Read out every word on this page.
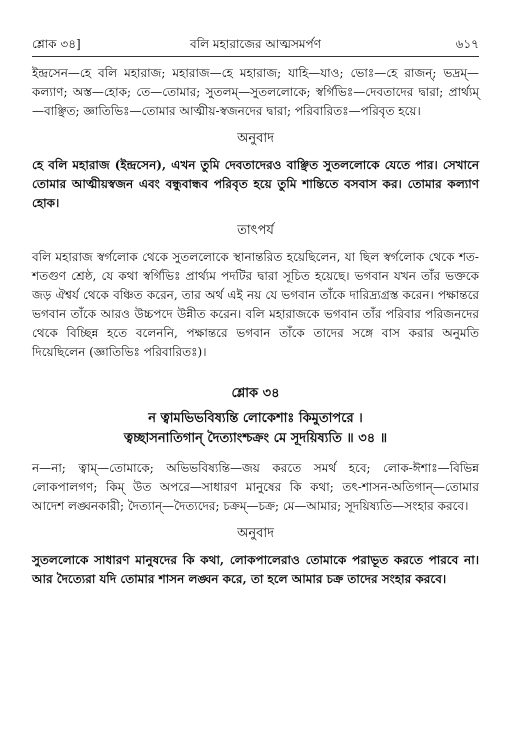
শ্লোক ৩৪]	বলি মহারাজের আত্মসমর্পণ	৬১৭

ইন্দ্রসেন—হে বলি মহারাজ; মহারাজ—হে মহারাজ; যাহি—যাও; ভোঃ—হে রাজন্; ভদ্রম্—কল্যাণ; অস্ত—হোক; তে—তোমার; সুতলম্—সুতললোকে; স্বর্গিভিঃ—দেবতাদের দ্বারা; প্রার্থ্যম্—বাঞ্ছিত; জ্ঞাতিভিঃ—তোমার আত্মীয়-স্বজনদের দ্বারা; পরিবারিতঃ—পরিবৃত হয়ে।

অনুবাদ

হে বলি মহারাজ (ইন্দ্রসেন), এখন তুমি দেবতাদেরও বাঞ্ছিত সুতললোকে যেতে পার। সেখানে তোমার আত্মীয়স্বজন এবং বন্ধুবান্ধব পরিবৃত হয়ে তুমি শান্তিতে বসবাস কর। তোমার কল্যাণ হোক।

তাৎপর্য

বলি মহারাজ স্বর্গলোক থেকে সুতললোকে স্থানান্তরিত হয়েছিলেন, যা ছিল স্বর্গলোক থেকে শত-শতগুণ শ্রেষ্ঠ, যে কথা স্বর্গিভিঃ প্রার্থ্যম পদটির দ্বারা সূচিত হয়েছে। ভগবান যখন তাঁর ভক্তকে জড় ঐশ্বর্য থেকে বঞ্চিত করেন, তার অর্থ এই নয় যে ভগবান তাঁকে দারিদ্র্যগ্রস্ত করেন। পক্ষান্তরে ভগবান তাঁকে আরও উচ্চপদে উন্নীত করেন। বলি মহারাজকে ভগবান তাঁর পরিবার পরিজনদের থেকে বিচ্ছিন্ন হতে বলেননি, পক্ষান্তরে ভগবান তাঁকে তাদের সঙ্গে বাস করার অনুমতি দিয়েছিলেন (জ্ঞাতিভিঃ পরিবারিতঃ)।

শ্লোক ৩৪
ন ত্বামভিভবিষ্যন্তি লোকেশাঃ কিমুতাপরে ।
ত্বচ্ছাসনাতিগান্ দৈত্যাংশ্চক্রং মে সূদয়িষ্যতি ॥ ৩৪ ॥

ন—না; ত্বাম্—তোমাকে; অভিভবিষ্যন্তি—জয় করতে সমর্থ হবে; লোক-ঈশাঃ—বিভিন্ন লোকপালগণ; কিম্ উত অপরে—সাধারণ মানুষের কি কথা; ত‍ৎ-শাসন-অতিগান্—তোমার আদেশ লঙ্ঘনকারী; দৈত্যান্—দৈত্যদের; চক্রম্—চক্র; মে—আমার; সূদয়িষ্যতি—সংহার করবে।

অনুবাদ

সুতললোকে সাধারণ মানুষদের কি কথা, লোকপালেরাও তোমাকে পরাভূত করতে পারবে না। আর দৈত্যেরা যদি তোমার শাসন লঙ্ঘন করে, তা হলে আমার চক্র তাদের সংহার করবে।
